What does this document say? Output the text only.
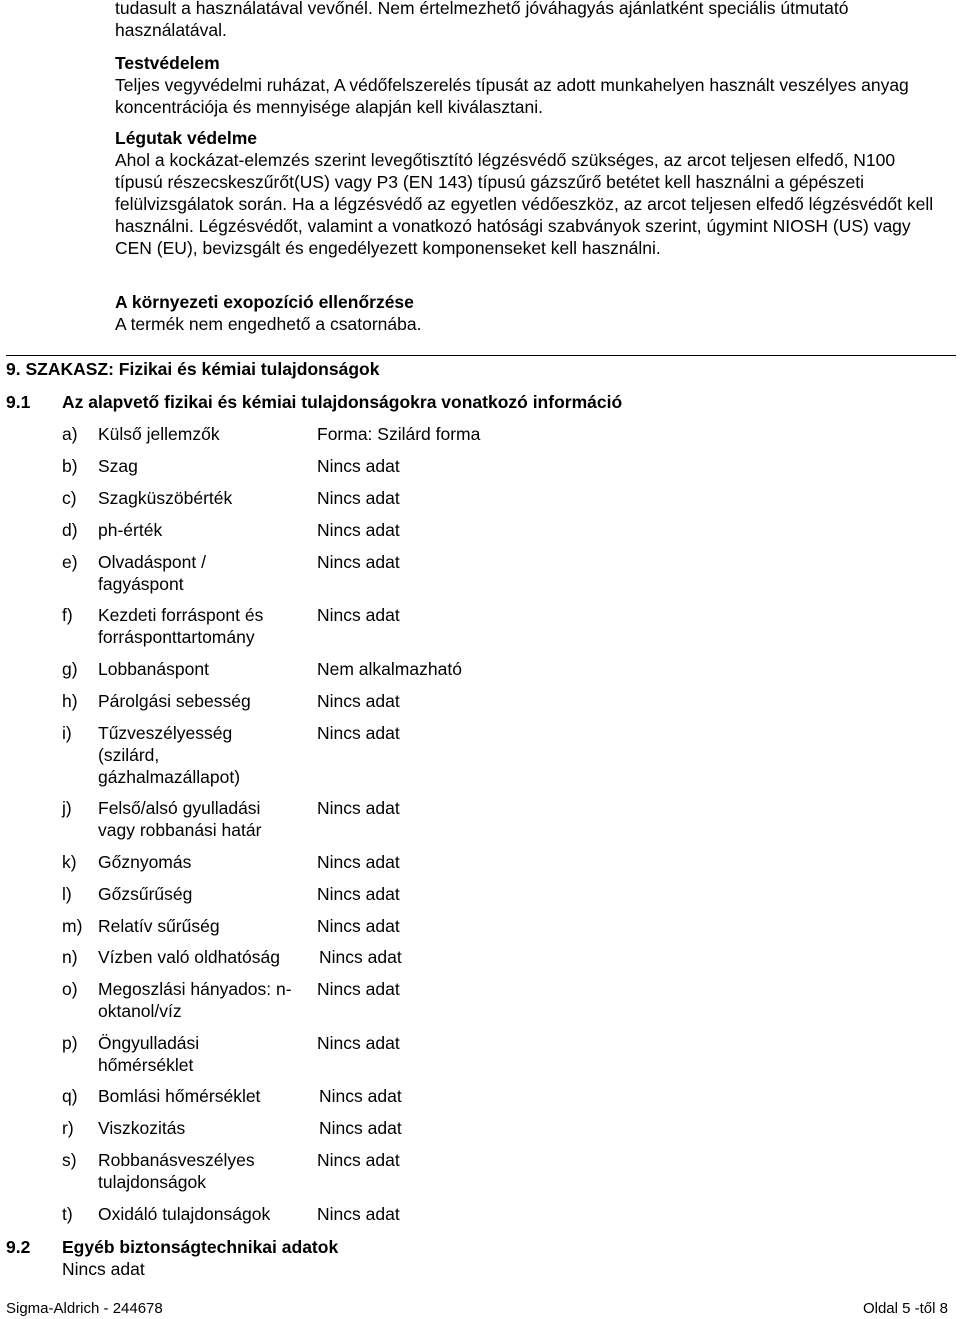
tudasult a használatával vevőnél. Nem értelmezhető jóváhagyás ajánlatként speciális útmutató
használatával.

Testvédelem

Teljes vegyvédelmi ruházat, A védőfelszerelés típusát az adott munkahelyen használt veszélyes anyag koncentrációja és mennyisége alapján kell kiválasztani.

Légutak védelme

Ahol a kockázat-elemzés szerint levegőtisztító légzésvédő szükséges, az arcot teljesen elfedő, N100 típusú részecskeszűrőt(US) vagy P3 (EN 143) típusú gázszűrő betétet kell használni a gépészeti felülvizsgálatok során. Ha a légzésvédő az egyetlen védőeszköz, az arcot teljesen elfedő légzésvédőt kell használni. Légzésvédőt, valamint a vonatkozó hatósági szabványok szerint, úgymint NIOSH (US) vagy CEN (EU), bevizsgált és engedélyezett komponenseket kell használni.

A környezeti exopozíció ellenőrzése

A termék nem engedhető a csatornába.

9. SZAKASZ: Fizikai és kémiai tulajdonságok
9.1 Az alapvető fizikai és kémiai tulajdonságokra vonatkozó információ
a) Külső jellemzők	Forma: Szilárd forma
b) Szag	Nincs adat
c) Szagküszöbérték	Nincs adat
d) ph-érték	Nincs adat
e) Olvadáspont / fagyáspont
Nincs adat
f) Kezdeti forráspont és forrásponttartomány
Nincs adat
g) Lobbanáspont	Nem alkalmazható
h) Párolgási sebesség	Nincs adat
i) Tűzveszélyesség (szilárd, gázhalmazállapot)
Nincs adat
j) Felső/alsó gyulladási vagy robbanási határ
Nincs adat
k) Gőznyomás	Nincs adat
l) Gőzsűrűség	Nincs adat
m) Relatív sűrűség	Nincs adat
n) Vízben való oldhatóság	Nincs adat
o) Megoszlási hányados: n-oktanol/víz
Nincs adat
p) Öngyulladási hőmérséklet
Nincs adat
q) Bomlási hőmérséklet	Nincs adat
r) Viszkozitás	Nincs adat
s) Robbanásveszélyes tulajdonságok
Nincs adat
t) Oxidáló tulajdonságok	Nincs adat
9.2 Egyéb biztonságtechnikai adatok
Nincs adat
Sigma-Aldrich - 244678	Oldal 5 -től 8
